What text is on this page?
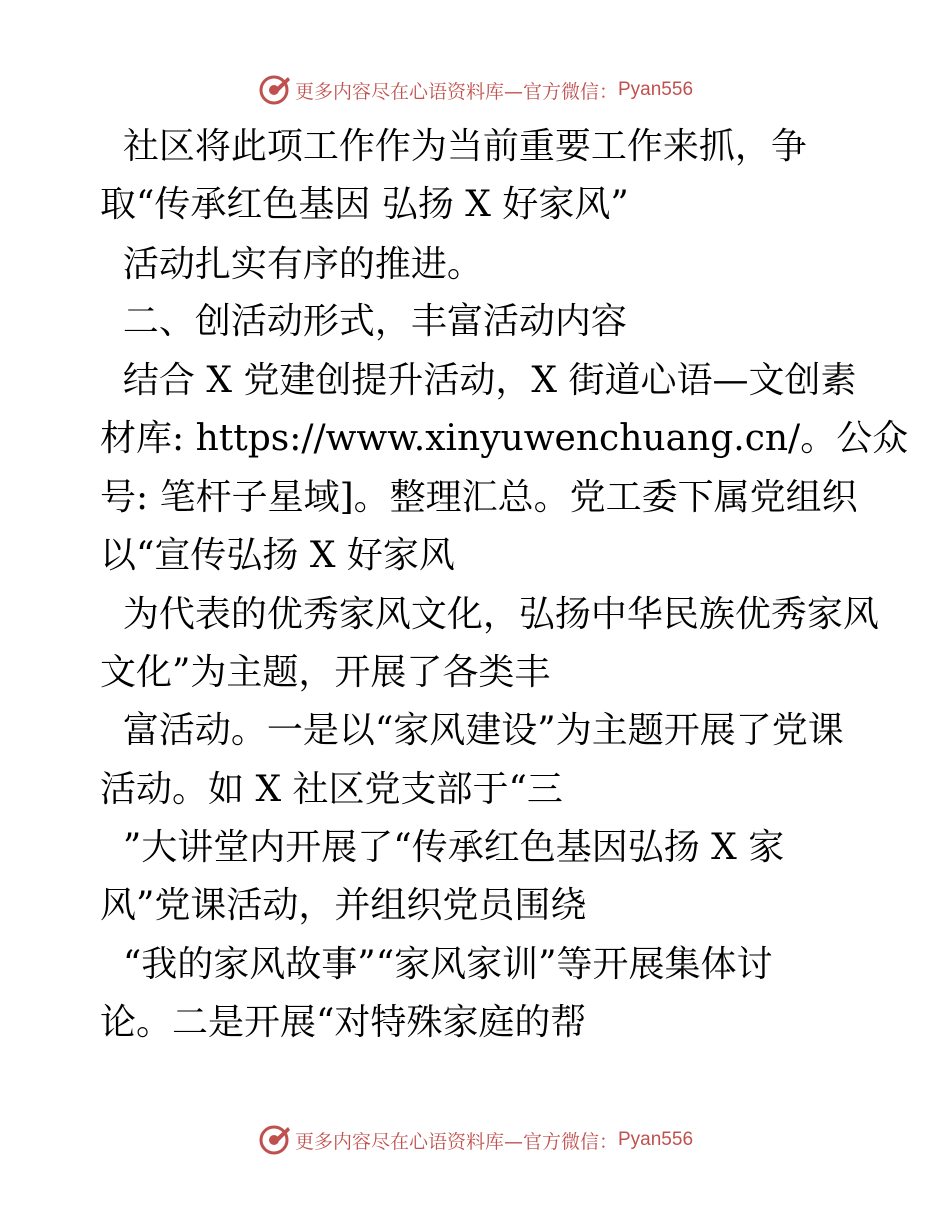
更多内容尽在心语资料库—官方微信： Pyan556
社区将此项工作作为当前重要工作来抓，争
取“传承红色基因 弘扬 X 好家风”
活动扎实有序的推进。
二、创活动形式，丰富活动内容
结合 X 党建创提升活动，X 街道心语—文创素
材库: https://www.xinyuwenchuang.cn/。公众
号: 笔杆子星域]。整理汇总。党工委下属党组织
以“宣传弘扬 X 好家风
为代表的优秀家风文化，弘扬中华民族优秀家风
文化”为主题，开展了各类丰
富活动。一是以“家风建设”为主题开展了党课
活动。如 X 社区党支部于“三
”大讲堂内开展了“传承红色基因弘扬 X 家
风”党课活动，并组织党员围绕
“我的家风故事”“家风家训”等开展集体讨
论。二是开展“对特殊家庭的帮
更多内容尽在心语资料库—官方微信： Pyan556
